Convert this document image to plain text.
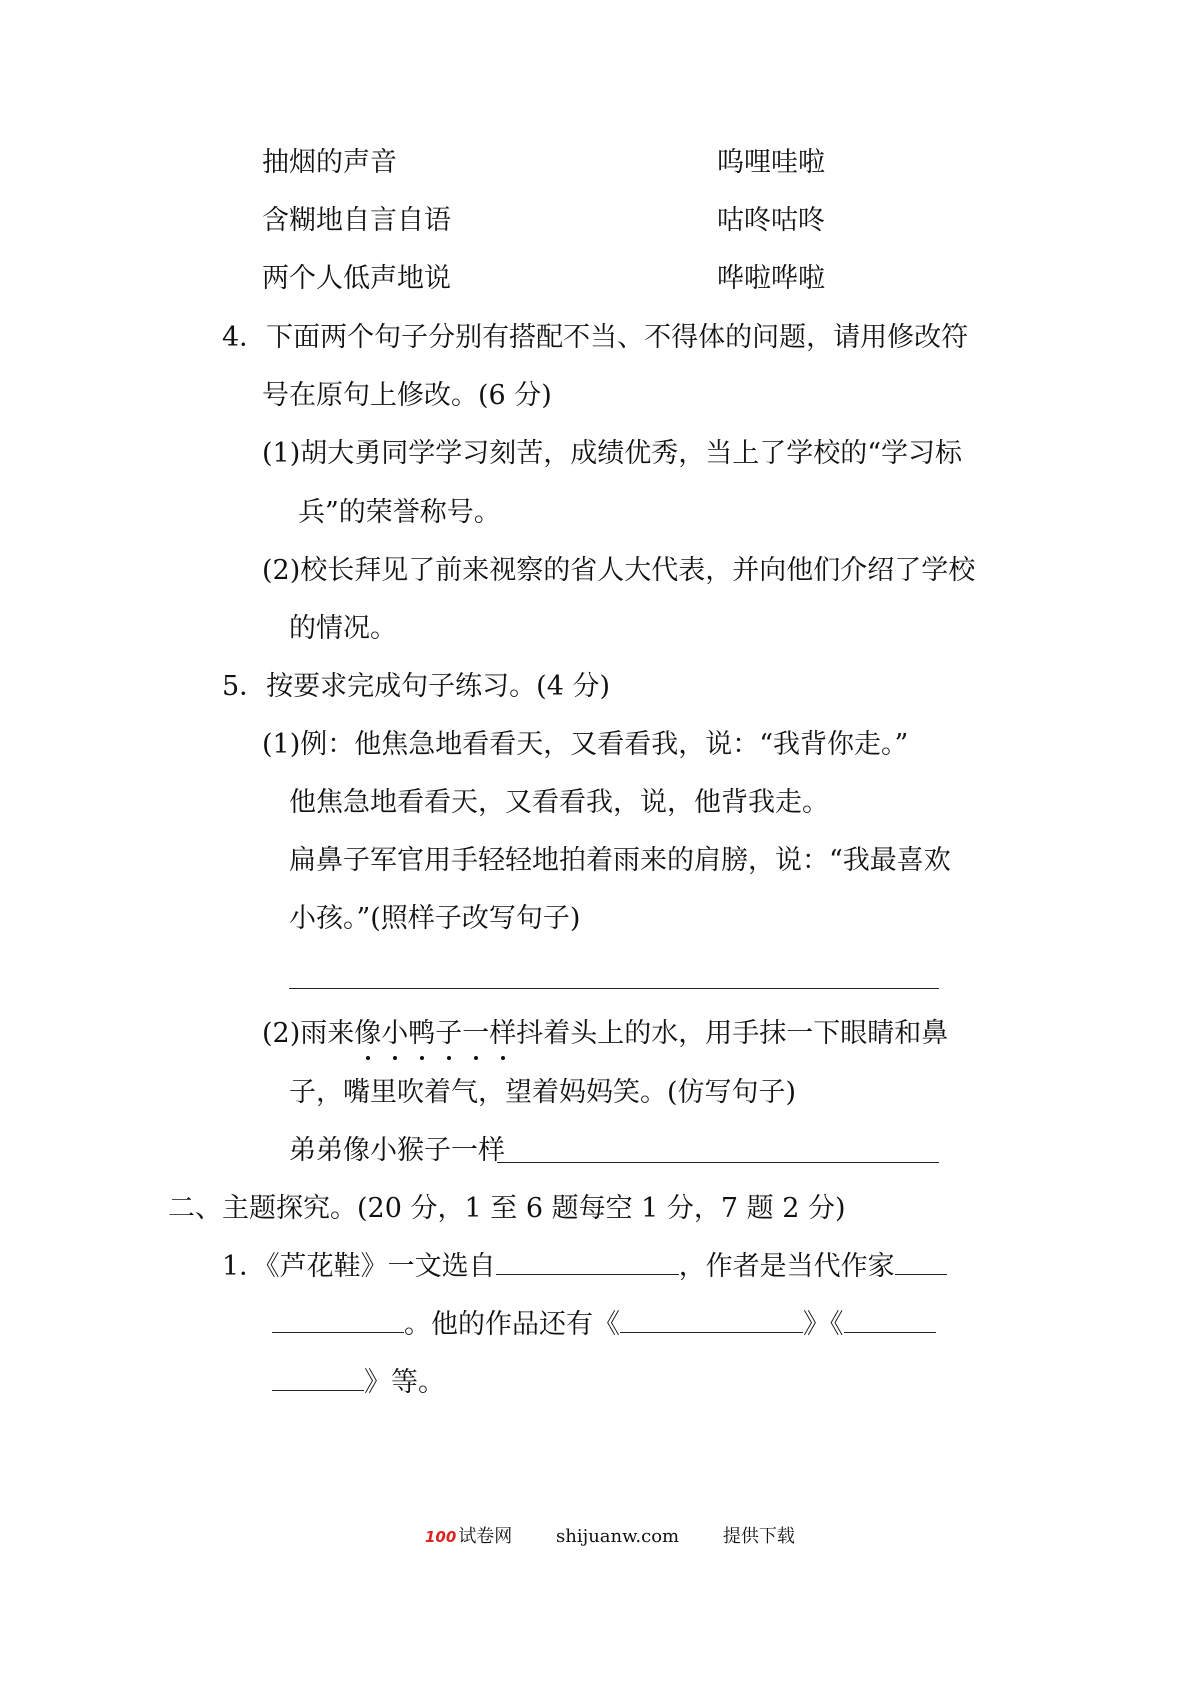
抽烟的声音	呜哩哇啦
含糊地自言自语	咕咚咕咚
两个人低声地说	哗啦哗啦
4．下面两个句子分别有搭配不当、不得体的问题，请用修改符
号在原句上修改。(6 分)
(1)胡大勇同学学习刻苦，成绩优秀，当上了学校的“学习标
兵”的荣誉称号。
(2)校长拜见了前来视察的省人大代表，并向他们介绍了学校
的情况。
5．按要求完成句子练习。(4 分)
(1)例：他焦急地看看天，又看看我，说：“我背你走。”
他焦急地看看天，又看看我，说，他背我走。
扁鼻子军官用手轻轻地拍着雨来的肩膀，说：“我最喜欢
小孩。”(照样子改写句子)
(2)雨来像小鸭子一样抖着头上的水，用手抹一下眼睛和鼻
子，嘴里吹着气，望着妈妈笑。(仿写句子)
弟弟像小猴子一样
二、主题探究。(20 分，1 至 6 题每空 1 分，7 题 2 分)
1．《芦花鞋》一文选自	，作者是当代作家
。他的作品还有《	》《
》等。
100 试卷网 shijuanw.com 提供下载
